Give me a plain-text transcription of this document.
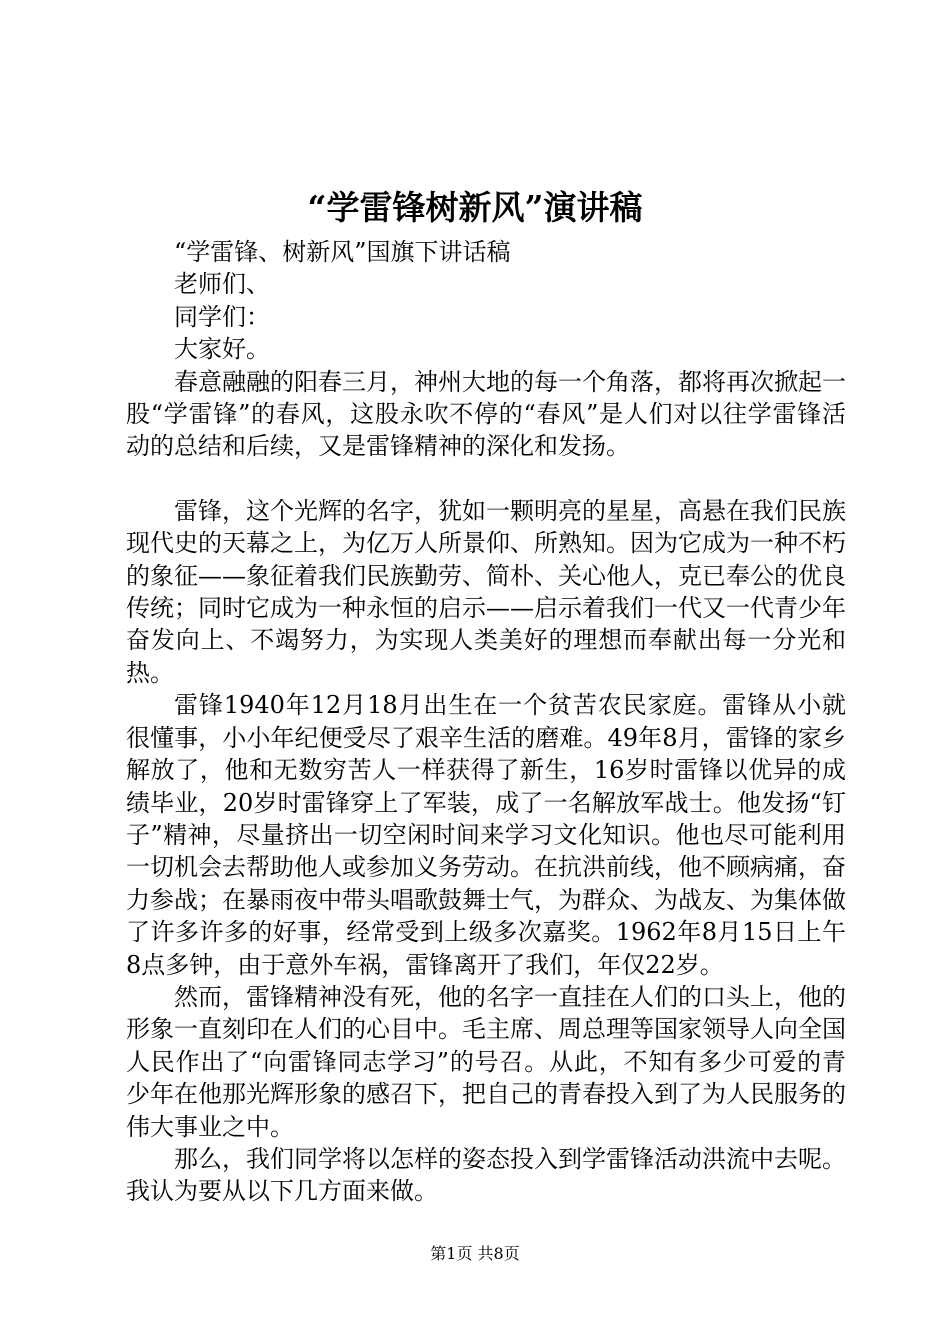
“学雷锋树新风”演讲稿

“学雷锋、树新风”国旗下讲话稿

老师们、

同学们：

大家好。

春意融融的阳春三月，神州大地的每一个角落，都将再次掀起一股“学雷锋”的春风，这股永吹不停的“春风”是人们对以往学雷锋活动的总结和后续，又是雷锋精神的深化和发扬。

雷锋，这个光辉的名字，犹如一颗明亮的星星，高悬在我们民族现代史的天幕之上，为亿万人所景仰、所熟知。因为它成为一种不朽的象征——象征着我们民族勤劳、简朴、关心他人，克已奉公的优良传统；同时它成为一种永恒的启示——启示着我们一代又一代青少年奋发向上、不竭努力，为实现人类美好的理想而奉献出每一分光和热。

雷锋1940年12月18月出生在一个贫苦农民家庭。雷锋从小就很懂事，小小年纪便受尽了艰辛生活的磨难。49年8月，雷锋的家乡解放了，他和无数穷苦人一样获得了新生，16岁时雷锋以优异的成绩毕业，20岁时雷锋穿上了军装，成了一名解放军战士。他发扬“钉子”精神，尽量挤出一切空闲时间来学习文化知识。他也尽可能利用一切机会去帮助他人或参加义务劳动。在抗洪前线，他不顾病痛，奋力参战；在暴雨夜中带头唱歌鼓舞士气，为群众、为战友、为集体做了许多许多的好事，经常受到上级多次嘉奖。1962年8月15日上午8点多钟，由于意外车祸，雷锋离开了我们，年仅22岁。

然而，雷锋精神没有死，他的名字一直挂在人们的口头上，他的形象一直刻印在人们的心目中。毛主席、周总理等国家领导人向全国人民作出了“向雷锋同志学习”的号召。从此，不知有多少可爱的青少年在他那光辉形象的感召下，把自己的青春投入到了为人民服务的伟大事业之中。

那么，我们同学将以怎样的姿态投入到学雷锋活动洪流中去呢。我认为要从以下几方面来做。

第1页 共8页
